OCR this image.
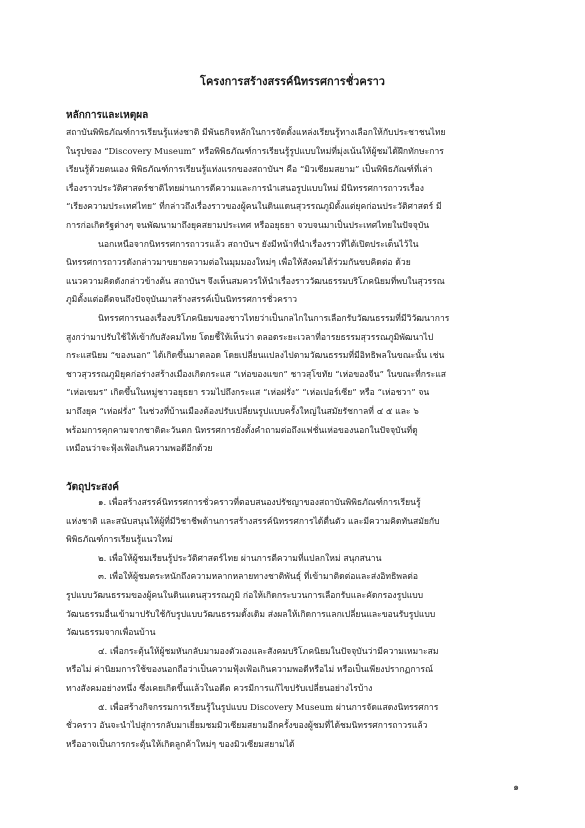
โครงการสร้างสรรค์นิทรรศการชั่วคราว
หลักการและเหตุผล
สถาบันพิพิธภัณฑ์การเรียนรู้แห่งชาติ มีพันธกิจหลักในการจัดตั้งแหล่งเรียนรู้ทางเลือกให้กับประชาชนไทย
ในรูปของ “Discovery Museum” หรือพิพิธภัณฑ์การเรียนรู้รูปแบบใหม่ที่มุ่งเน้นให้ผู้ชมได้ฝึกทักษะการ
เรียนรู้ด้วยตนเอง พิพิธภัณฑ์การเรียนรู้แห่งแรกของสถาบันฯ คือ “มิวเซียมสยาม” เป็นพิพิธภัณฑ์ที่เล่า
เรื่องราวประวัติศาสตร์ชาติไทยผ่านการตีความและการนำเสนอรูปแบบใหม่ มีนิทรรศการถาวรเรื่อง
“เรียงความประเทศไทย” ที่กล่าวถึงเรื่องราวของผู้คนในดินแดนสุวรรณภูมิตั้งแต่ยุคก่อนประวัติศาสตร์ มี
การก่อเกิดรัฐต่างๆ จนพัฒนามาถึงยุคสยามประเทศ หรืออยุธยา จวบจนมาเป็นประเทศไทยในปัจจุบัน
นอกเหนือจากนิทรรศการถาวรแล้ว สถาบันฯ ยังมีหน้าที่นำเรื่องราวที่ได้เปิดประเด็นไว้ใน
นิทรรศการถาวรดังกล่าวมาขยายความต่อในมุมมองใหม่ๆ เพื่อให้สังคมได้ร่วมกันขบคิดต่อ ด้วย
แนวความคิดดังกล่าวข้างต้น สถาบันฯ จึงเห็นสมควรให้นำเรื่องราววัฒนธรรมบริโภคนิยมที่พบในสุวรรณ
ภูมิตั้งแต่อดีตจนถึงปัจจุบันมาสร้างสรรค์เป็นนิทรรศการชั่วคราว
นิทรรศการนองเรื่องบริโภคนิยมของชาวไทยว่าเป็นกลไกในการเลือกรับวัฒนธรรมที่มีวิวัฒนาการ
สูงกว่ามาปรับใช้ให้เข้ากับสังคมไทย โดยชี้ให้เห็นว่า ตลอดระยะเวลาที่อารยธรรมสุวรรณภูมิพัฒนาไป
กระแสนิยม “ของนอก” ได้เกิดขึ้นมาตลอด โดยเปลี่ยนแปลงไปตามวัฒนธรรมที่มีอิทธิพลในขณะนั้น เช่น
ชาวสุวรรณภูมิยุคก่อร่างสร้างเมืองเกิดกระแส “เห่อของแขก” ชาวสุโขทัย “เห่อของจีน” ในขณะที่กระแส
“เห่อเขมร” เกิดขึ้นในหมู่ชาวอยุธยา รวมไปถึงกระแส “เห่อฝรั่ง” “เห่อเปอร์เซีย” หรือ “เห่อชวา” จน
มาถึงยุค “เห่อฝรั่ง” ในช่วงที่บ้านเมืองต้องปรับเปลี่ยนรูปแบบครั้งใหญ่ในสมัยรัชกาลที่ ๔ ๕ และ ๖
พร้อมการคุกคามจากชาติตะวันตก นิทรรศการยังตั้งคำถามต่อถึงแฟชั่นเห่อของนอกในปัจจุบันที่ดู
เหมือนว่าจะฟุ้งเฟ้อเกินความพอดีอีกด้วย
วัตถุประสงค์
๑. เพื่อสร้างสรรค์นิทรรศการชั่วคราวที่ตอบสนองปรัชญาของสถาบันพิพิธภัณฑ์การเรียนรู้
แห่งชาติ และสนับสนุนให้ผู้ที่มีวิชาชีพด้านการสร้างสรรค์นิทรรศการได้ตื่นตัว และมีความคิดทันสมัยกับ
พิพิธภัณฑ์การเรียนรู้แนวใหม่
๒. เพื่อให้ผู้ชมเรียนรู้ประวัติศาสตร์ไทย ผ่านการตีความที่แปลกใหม่ สนุกสนาน
๓. เพื่อให้ผู้ชมตระหนักถึงความหลากหลายทางชาติพันธุ์ ที่เข้ามาติดต่อและส่งอิทธิพลต่อ
รูปแบบวัฒนธรรมของผู้คนในดินแดนสุวรรณภูมิ ก่อให้เกิดกระบวนการเลือกรับและคัดกรองรูปแบบ
วัฒนธรรมอื่นเข้ามาปรับใช้กับรูปแบบวัฒนธรรมดั้งเดิม ส่งผลให้เกิดการแลกเปลี่ยนและขอนรับรูปแบบ
วัฒนธรรมจากเพื่อนบ้าน
๔. เพื่อกระตุ้นให้ผู้ชมหันกลับมามองตัวเองและสังคมบริโภคนิยมในปัจจุบันว่ามีความเหมาะสม
หรือไม่ ค่านิยมการใช้ของนอกถือว่าเป็นความฟุ้งเฟ้อเกินความพอดีหรือไม่ หรือเป็นเพียงปรากฏการณ์
ทางสังคมอย่างหนึ่ง ซึ่งเคยเกิดขึ้นแล้วในอดีต ควรมีการแก้ไขปรับเปลี่ยนอย่างไรบ้าง
๕. เพื่อสร้างกิจกรรมการเรียนรู้ในรูปแบบ Discovery Museum ผ่านการจัดแสดงนิทรรศการ
ชั่วคราว อันจะนำไปสู่การกลับมาเยี่ยมชมมิวเซียมสยามอีกครั้งของผู้ชมที่ได้ชมนิทรรศการถาวรแล้ว
หรืออาจเป็นการกระตุ้นให้เกิดลูกค้าใหม่ๆ ของมิวเซียมสยามได้
๑
